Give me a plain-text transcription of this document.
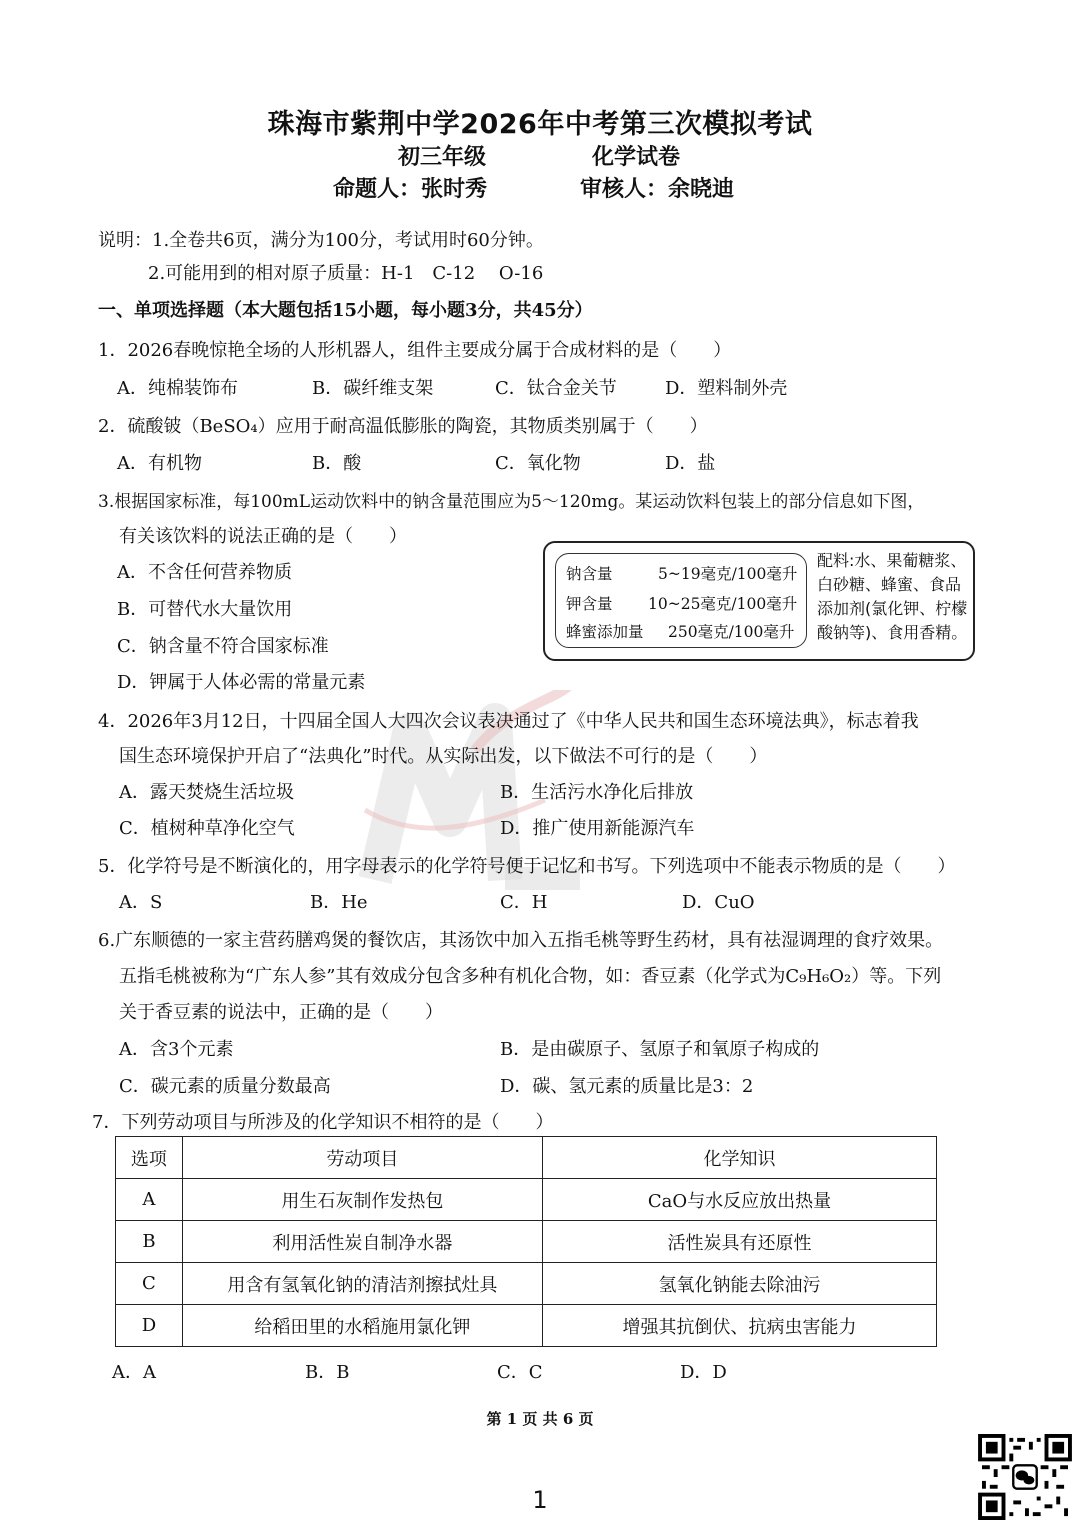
珠海市紫荆中学2026年中考第三次模拟考试
初三年级	化学试卷
命题人：张时秀	审核人：余晓迪
说明：1.全卷共6页，满分为100分，考试用时60分钟。
2.可能用到的相对原子质量：H-1　C-12　 O-16
一、单项选择题（本大题包括15小题，每小题3分，共45分）
1．2026春晚惊艳全场的人形机器人，组件主要成分属于合成材料的是（　　）
A．纯棉装饰布	B．碳纤维支架	C．钛合金关节	D．塑料制外壳
2．硫酸铍（BeSO₄）应用于耐高温低膨胀的陶瓷，其物质类别属于（　　）
A．有机物	B．酸	C．氧化物	D．盐
3.根据国家标准，每100mL运动饮料中的钠含量范围应为5～120mg。某运动饮料包装上的部分信息如下图，
有关该饮料的说法正确的是（　　）
A．不含任何营养物质
B．可替代水大量饮用
C．钠含量不符合国家标准
D．钾属于人体必需的常量元素
钠含量	5~19毫克/100毫升
钾含量 10~25毫克/100毫升
蜂蜜添加量 250毫克/100毫升
配料:水、果葡糖浆、白砂糖、蜂蜜、食品添加剂(氯化钾、柠檬酸钠等)、食用香精。
4．2026年3月12日，十四届全国人大四次会议表决通过了《中华人民共和国生态环境法典》，标志着我
国生态环境保护开启了“法典化”时代。从实际出发，以下做法不可行的是（　　）
A．露天焚烧生活垃圾	B．生活污水净化后排放
C．植树种草净化空气	D．推广使用新能源汽车
5．化学符号是不断演化的，用字母表示的化学符号便于记忆和书写。下列选项中不能表示物质的是（　　）
A．S	B．He	C．H	D．CuO
6.广东顺德的一家主营药膳鸡煲的餐饮店，其汤饮中加入五指毛桃等野生药材，具有祛湿调理的食疗效果。
五指毛桃被称为“广东人参”其有效成分包含多种有机化合物，如：香豆素（化学式为C₉H₆O₂）等。下列
关于香豆素的说法中，正确的是（　　）
A．含3个元素	B．是由碳原子、氢原子和氧原子构成的
C．碳元素的质量分数最高	D．碳、氢元素的质量比是3：2
7．下列劳动项目与所涉及的化学知识不相符的是（　　）
选项	劳动项目	化学知识
A	用生石灰制作发热包	CaO与水反应放出热量
B	利用活性炭自制净水器	活性炭具有还原性
C	用含有氢氧化钠的清洁剂擦拭灶具	氢氧化钠能去除油污
D	给稻田里的水稻施用氯化钾	增强其抗倒伏、抗病虫害能力
A．A	B．B	C．C	D．D
第 1 页 共 6 页
1
